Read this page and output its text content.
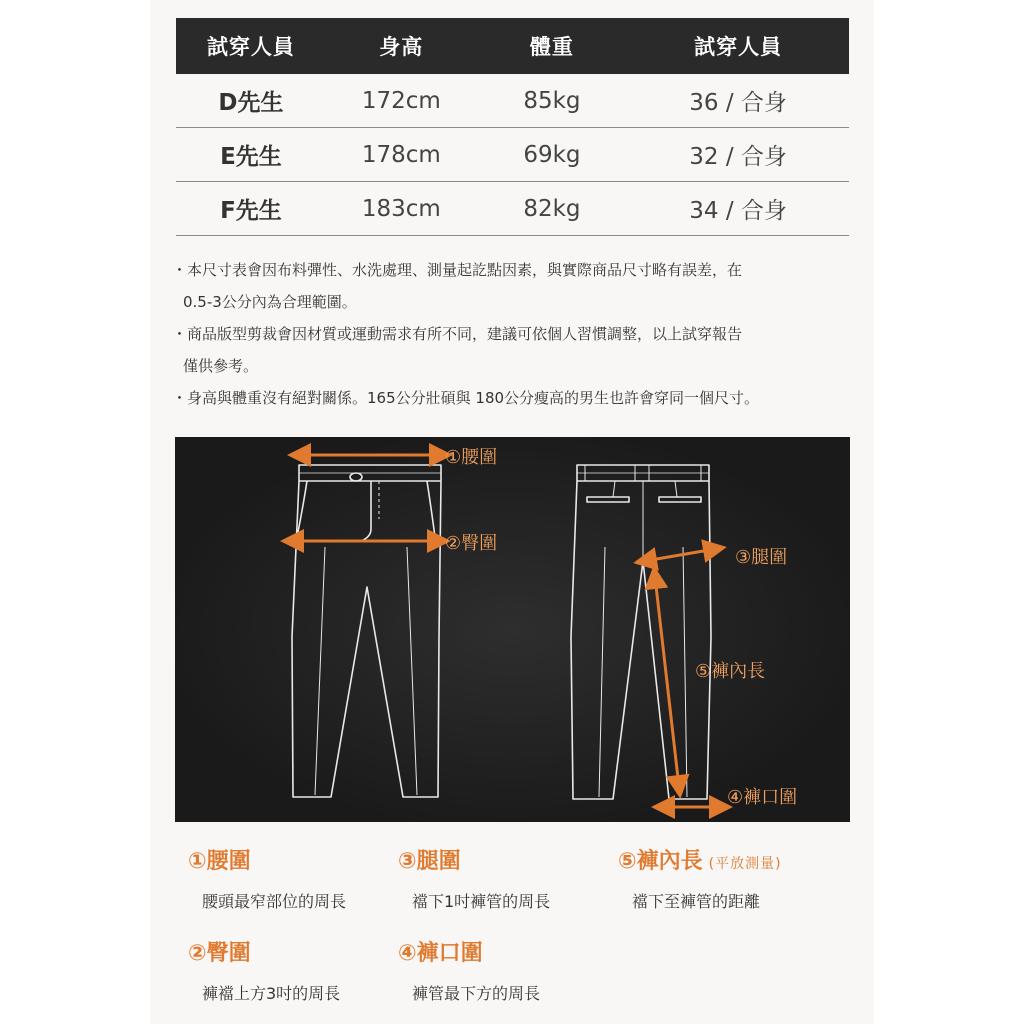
試穿人員	身高	體重	試穿人員
D先生	172cm	85kg	36 / 合身
E先生	178cm	69kg	32 / 合身
F先生	183cm	82kg	34 / 合身
・本尺寸表會因布料彈性、水洗處理、測量起訖點因素，與實際商品尺寸略有誤差，在
0.5-3公分內為合理範圍。
・商品版型剪裁會因材質或運動需求有所不同，建議可依個人習慣調整，以上試穿報告
僅供參考。
・身高與體重沒有絕對關係。165公分壯碩與 180公分瘦高的男生也許會穿同一個尺寸。
①腰圍
②臀圍
③腿圍
⑤褲內長
④褲口圍
①腰圍
腰頭最窄部位的周長
③腿圍
襠下1吋褲管的周長
⑤褲內長 (平放測量)
襠下至褲管的距離
②臀圍
褲襠上方3吋的周長
④褲口圍
褲管最下方的周長
